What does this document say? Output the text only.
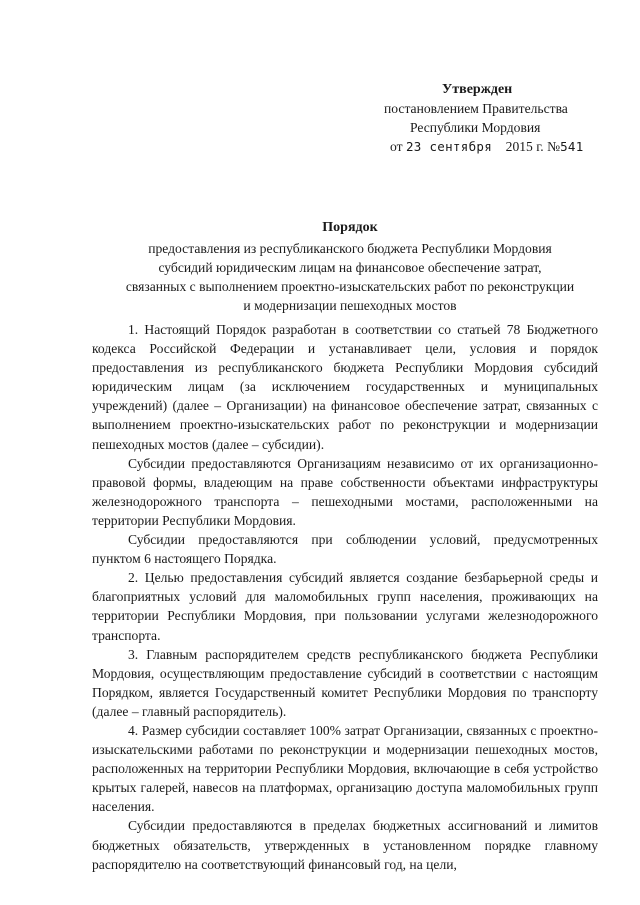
Утвержден
постановлением Правительства
Республики Мордовия
от 23 сентября 2015 г. №541
Порядок
предоставления из республиканского бюджета Республики Мордовия
субсидий юридическим лицам на финансовое обеспечение затрат,
связанных с выполнением проектно-изыскательских работ по реконструкции
и модернизации пешеходных мостов

1. Настоящий Порядок разработан в соответствии со статьей 78 Бюджетного кодекса Российской Федерации и устанавливает цели, условия и порядок предоставления из республиканского бюджета Республики Мордовия субсидий юридическим лицам (за исключением государственных и муниципальных учреждений) (далее – Организации) на финансовое обеспечение затрат, связанных с выполнением проектно-изыскательских работ по реконструкции и модернизации пешеходных мостов (далее – субсидии).

Субсидии предоставляются Организациям независимо от их организационно-правовой формы, владеющим на праве собственности объектами инфраструктуры железнодорожного транспорта – пешеходными мостами, расположенными на территории Республики Мордовия.

Субсидии предоставляются при соблюдении условий, предусмотренных пунктом 6 настоящего Порядка.

2. Целью предоставления субсидий является создание безбарьерной среды и благоприятных условий для маломобильных групп населения, проживающих на территории Республики Мордовия, при пользовании услугами железнодорожного транспорта.

3. Главным распорядителем средств республиканского бюджета Республики Мордовия, осуществляющим предоставление субсидий в соответствии с настоящим Порядком, является Государственный комитет Республики Мордовия по транспорту (далее – главный распорядитель).

4. Размер субсидии составляет 100% затрат Организации, связанных с проектно-изыскательскими работами по реконструкции и модернизации пешеходных мостов, расположенных на территории Республики Мордовия, включающие в себя устройство крытых галерей, навесов на платформах, организацию доступа маломобильных групп населения.

Субсидии предоставляются в пределах бюджетных ассигнований и лимитов бюджетных обязательств, утвержденных в установленном порядке главному распорядителю на соответствующий финансовый год, на цели,
